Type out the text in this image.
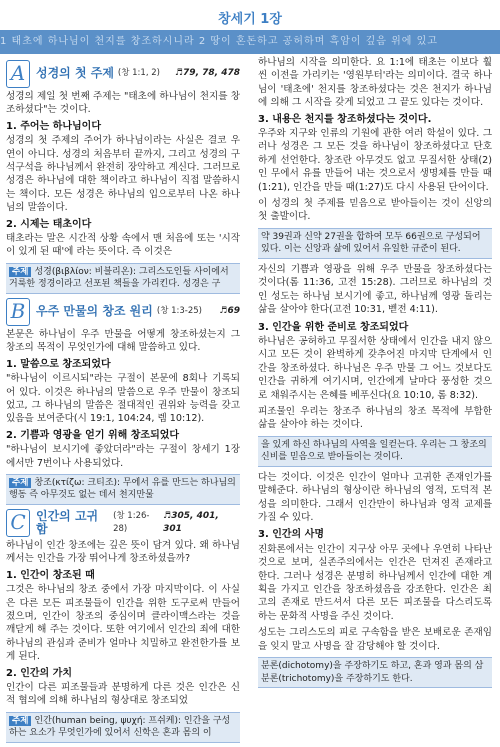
창세기 1장
1 태초에 하나님이 천지를 창조하시니라 2 땅이 혼돈하고 공허하며 흑암이 깊음 위에 있고
A 성경의 첫 주제 (창 1:1, 2) ♬79, 78, 478

성경의 제일 첫 번째 주제는 "태초에 하나님이 천지를 창조하셨다"는 것이다.

1. 주어는 하나님이다

성경의 첫 주제의 주어가 하나님이라는 사실은 결코 우연이 아니다. 성경의 처음부터 끝까지, 그리고 성경의 구석구석을 하나님께서 완전히 장악하고 계신다. 그러므로 성경은 하나님에 대한 책이라고 하나님이 직접 말씀하시는 책이다. 모든 성경은 하나님의 입으로부터 나온 하나님의 말씀이다.

2. 시제는 태초이다

태초라는 말은 시간적 상황 속에서 맨 처음에 또는 '시작이 있게 된 때'에 라는 뜻이다. 즉 이것은

주제 성경(βιβλίον: 비블리온): 그리스도인들 사이에서 거룩한 정경이라고 선포된 책들을 가리킨다. 성경은 구
B 우주 만물의 창조 원리 (창 1:3-25) ♬69

본문은 하나님이 우주 만물을 어떻게 창조하셨는지 그 창조의 목적이 무엇인가에 대해 말씀하고 있다.

1. 말씀으로 창조되었다

"하나님이 이르시되"라는 구절이 본문에 8회나 기록되어 있다. 이것은 하나님의 말씀으로 우주 만물이 창조되었고, 그 하나님의 말씀은 절대적인 권위와 능력을 갖고 있음을 보여준다(시 19:1, 104:24, 렘 10:12).

2. 기쁨과 영광을 얻기 위해 창조되었다

"하나님이 보시기에 좋았더라"라는 구절이 창세기 1장에서만 7번이나 사용되었다.

주제 창조(κτίζω: 크티조): 무에서 유를 만드는 하나님의 행동 즉 아무것도 없는 데서 천지만물
C 인간의 고귀함
(창 1:26-28)
♬305, 401, 301

하나님이 인간 창조에는 깊은 뜻이 담겨 있다. 왜 하나님께서는 인간을 가장 뛰어나게 창조하셨을까?

1. 인간이 창조된 때

그것은 하나님의 창조 중에서 가장 마지막이다. 이 사실은 다른 모든 피조물들이 인간을 위한 도구로써 만들어졌으며, 인간이 창조의 중심이며 클라이맥스라는 것을 깨닫게 해 주는 것이다. 또한 여기에서 인간의 죄에 대한 하나님의 관심과 준비가 얼마나 치밀하고 완전한가를 보게 된다.

2. 인간의 가치

인간이 다른 피조물들과 분명하게 다른 것은 인간은 신적 협의에 의해 하나님의 형상대로 창조되었

주제 인간(human being, ψυχή: 프쉬케): 인간을 구성하는 요소가 무엇인가에 있어서 신학은 혼과 몸의 이

하나님의 시작을 의미한다. 요 1:1에 태초는 이보다 훨씬 이전을 가리키는 '영원부터'라는 의미이다. 결국 하나님이 '태초에' 천지를 창조하셨다는 것은 천지가 하나님에 의해 그 시작을 갖게 되었고 그 끝도 있다는 것이다.

3. 내용은 천지를 창조하셨다는 것이다.

우주와 지구와 인류의 기원에 관한 여러 학설이 있다. 그러나 성경은 그 모든 것을 하나님이 창조하셨다고 단호하게 선언한다. 창조란 아무것도 없고 무질서한 상태(2)인 무에서 유를 만들어 내는 것으로서 생명체를 만들 때(1:21), 인간을 만들 때(1:27)도 다시 사용된 단어이다.

이 성경의 첫 주제를 믿음으로 받아들이는 것이 신앙의 첫 출발이다.

약 39권과 신약 27권을 합하여 모두 66권으로 구성되어 있다. 이는 신앙과 삶에 있어서 유일한 규준이 된다.

자신의 기쁨과 영광을 위해 우주 만물을 창조하셨다는 것이다(롬 11:36, 고전 15:28). 그러므로 하나님의 것인 성도는 하나님 보시기에 좋고, 하나님께 영광 돌리는 삶을 살아야 한다(고전 10:31, 벧전 4:11).

3. 인간을 위한 준비로 창조되었다

하나님은 공허하고 무질서한 상태에서 인간을 내지 않으시고 모든 것이 완벽하게 갖추어진 마지막 단계에서 인간을 창조하셨다. 하나님은 우주 만물 그 어느 것보다도 인간을 귀하게 여기시며, 인간에게 날마다 풍성한 것으로 채워주시는 은혜를 베푸신다(요 10:10, 롬 8:32).

피조물인 우리는 창조주 하나님의 창조 목적에 부합한 삶을 살아야 하는 것이다.

을 있게 하신 하나님의 사역을 일컫는다. 우리는 그 창조의 신비를 믿음으로 받아들이는 것이다.

다는 것이다. 이것은 인간이 얼마나 고귀한 존재인가를 말해준다. 하나님의 형상이란 하나님의 영적, 도덕적 본성을 의미한다. 그래서 인간만이 하나님과 영적 교제를 가질 수 있다.

3. 인간의 사명

진화론에서는 인간이 지구상 아무 곳에나 우연히 나타난 것으로 보며, 실존주의에서는 인간은 던져진 존재라고 한다. 그러나 성경은 분명히 하나님께서 인간에 대한 계획을 가지고 인간을 창조하셨음을 강조한다. 인간은 최고의 존재로 만드셔서 다른 모든 피조물을 다스리도록 하는 문화적 사명을 주신 것이다.

성도는 그리스도의 피로 구속함을 받은 보배로운 존재임을 잊지 말고 사명을 잘 감당해야 할 것이다.

분론(dichotomy)을 주장하기도 하고, 혼과 영과 몸의 삼분론(trichotomy)을 주장하기도 한다.
